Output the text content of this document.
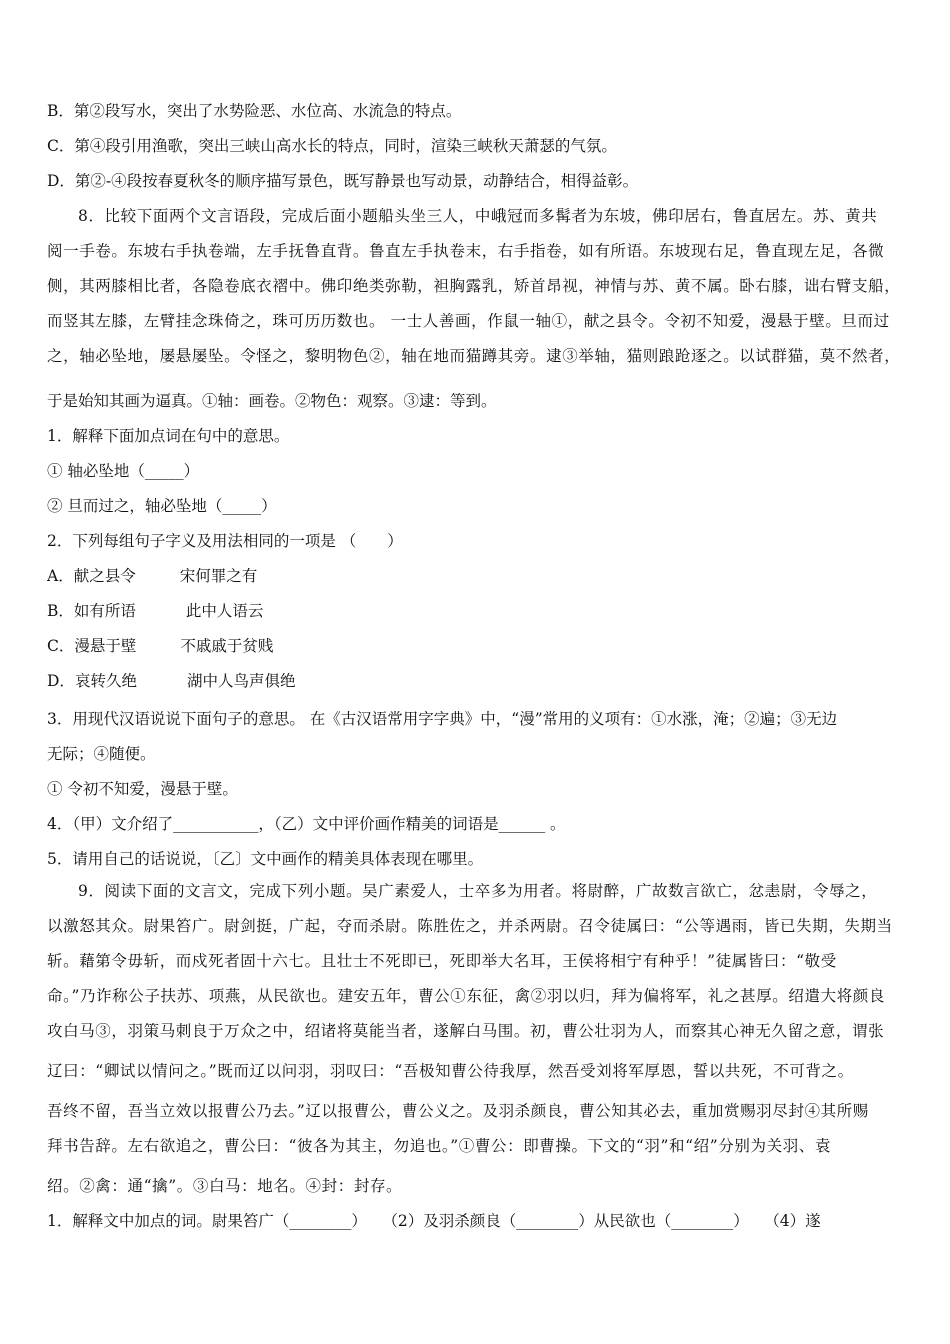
B．第②段写水，突出了水势险恶、水位高、水流急的特点。
C．第④段引用渔歌，突出三峡山高水长的特点，同时，渲染三峡秋天萧瑟的气氛。
D．第②-④段按春夏秋冬的顺序描写景色，既写静景也写动景，动静结合，相得益彰。
8．比较下面两个文言语段，完成后面小题船头坐三人，中峨冠而多髯者为东坡，佛印居右，鲁直居左。苏、黄共
阅一手卷。东坡右手执卷端，左手抚鲁直背。鲁直左手执卷末，右手指卷，如有所语。东坡现右足，鲁直现左足，各微
侧，其两膝相比者，各隐卷底衣褶中。佛印绝类弥勒，袒胸露乳，矫首昂视，神情与苏、黄不属。卧右膝，诎右臂支船，
而竖其左膝，左臂挂念珠倚之，珠可历历数也。 一士人善画，作鼠一轴①，献之县令。令初不知爱，漫悬于壁。旦而过
之，轴必坠地，屡悬屡坠。令怪之，黎明物色②，轴在地而猫蹲其旁。逮③举轴，猫则踉跄逐之。以试群猫，莫不然者，
于是始知其画为逼真。①轴：画卷。②物色：观察。③逮：等到。
1．解释下面加点词在句中的意思。
① 轴必坠地（_____）
② 旦而过之，轴必坠地（_____）
2．下列每组句子字义及用法相同的一项是 （　　）
A．献之县令	宋何罪之有
B．如有所语	此中人语云
C．漫悬于壁	不戚戚于贫贱
D．哀转久绝	湖中人鸟声俱绝
3．用现代汉语说说下面句子的意思。 在《古汉语常用字字典》中，“漫”常用的义项有：①水涨，淹；②遍；③无边
无际；④随便。
① 令初不知爱，漫悬于壁。
4．（甲）文介绍了___________，（乙）文中评价画作精美的词语是______ 。
5．请用自己的话说说，〔乙〕文中画作的精美具体表现在哪里。
9．阅读下面的文言文，完成下列小题。吴广素爱人，士卒多为用者。将尉醉，广故数言欲亡，忿恚尉，令辱之，
以激怒其众。尉果笞广。尉剑挺，广起，夺而杀尉。陈胜佐之，并杀两尉。召令徒属曰：“公等遇雨，皆已失期，失期当
斩。藉第令毋斩，而戍死者固十六七。且壮士不死即已，死即举大名耳，王侯将相宁有种乎！”徒属皆曰：“敬受
命。”乃诈称公子扶苏、项燕，从民欲也。建安五年，曹公①东征，禽②羽以归，拜为偏将军，礼之甚厚。绍遣大将颜良
攻白马③，羽策马刺良于万众之中，绍诸将莫能当者，遂解白马围。初，曹公壮羽为人，而察其心神无久留之意，谓张
辽曰：“卿试以情问之。”既而辽以问羽，羽叹曰：“吾极知曹公待我厚，然吾受刘将军厚恩，誓以共死，不可背之。
吾终不留，吾当立效以报曹公乃去。”辽以报曹公，曹公义之。及羽杀颜良，曹公知其必去，重加赏赐羽尽封④其所赐
拜书告辞。左右欲追之，曹公曰：“彼各为其主，勿追也。”①曹公：即曹操。下文的“羽”和“绍”分别为关羽、袁
绍。②禽：通“擒”。③白马：地名。④封：封存。
1．解释文中加点的词。尉果笞广（________）　　（2）及羽杀颜良（________）从民欲也（________）　　（4）遂
